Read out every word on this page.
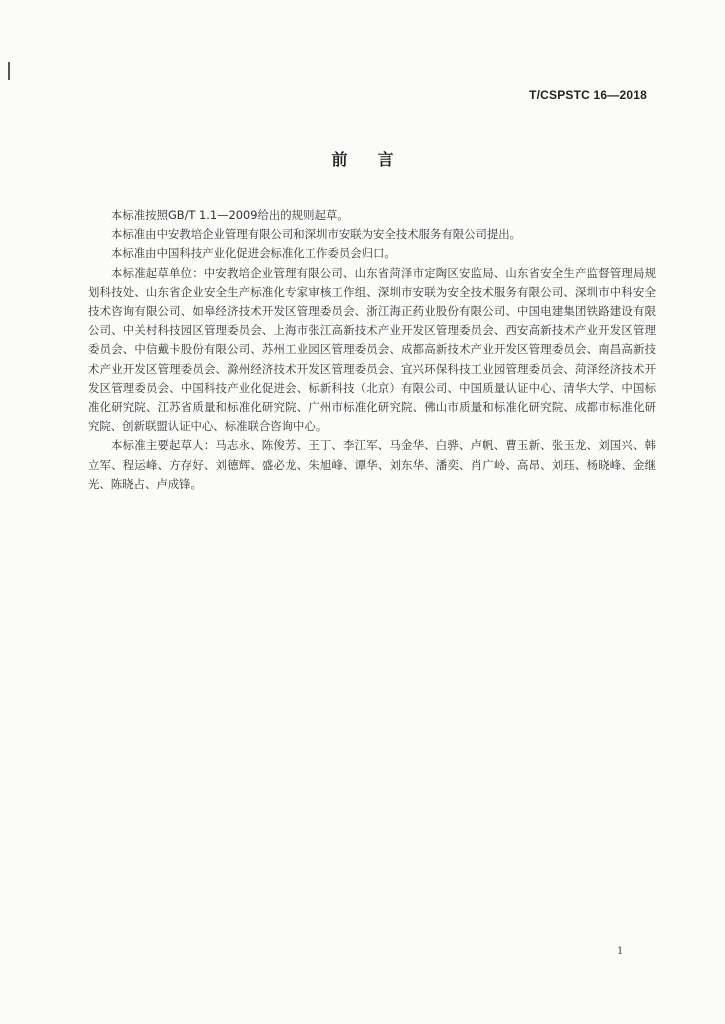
T/CSPSTC 16—2018
前言

本标准按照GB/T 1.1—2009给出的规则起草。

本标准由中安教培企业管理有限公司和深圳市安联为安全技术服务有限公司提出。

本标准由中国科技产业化促进会标准化工作委员会归口。

本标准起草单位：中安教培企业管理有限公司、山东省菏泽市定陶区安监局、山东省安全生产监督管理局规划科技处、山东省企业安全生产标准化专家审核工作组、深圳市安联为安全技术服务有限公司、深圳市中科安全技术咨询有限公司、如皋经济技术开发区管理委员会、浙江海正药业股份有限公司、中国电建集团铁路建设有限公司、中关村科技园区管理委员会、上海市张江高新技术产业开发区管理委员会、西安高新技术产业开发区管理委员会、中信戴卡股份有限公司、苏州工业园区管理委员会、成都高新技术产业开发区管理委员会、南昌高新技术产业开发区管理委员会、滁州经济技术开发区管理委员会、宜兴环保科技工业园管理委员会、菏泽经济技术开发区管理委员会、中国科技产业化促进会、标新科技（北京）有限公司、中国质量认证中心、清华大学、中国标准化研究院、江苏省质量和标准化研究院、广州市标准化研究院、佛山市质量和标准化研究院、成都市标准化研究院、创新联盟认证中心、标准联合咨询中心。

本标准主要起草人：马志永、陈俊芳、王丁、李江军、马金华、白骅、卢帆、曹玉新、张玉龙、刘国兴、韩立军、程运峰、方存好、刘德辉、盛必龙、朱旭峰、谭华、刘东华、潘奕、肖广岭、高昂、刘珏、杨晓峰、金继光、陈晓占、卢成锋。

1
